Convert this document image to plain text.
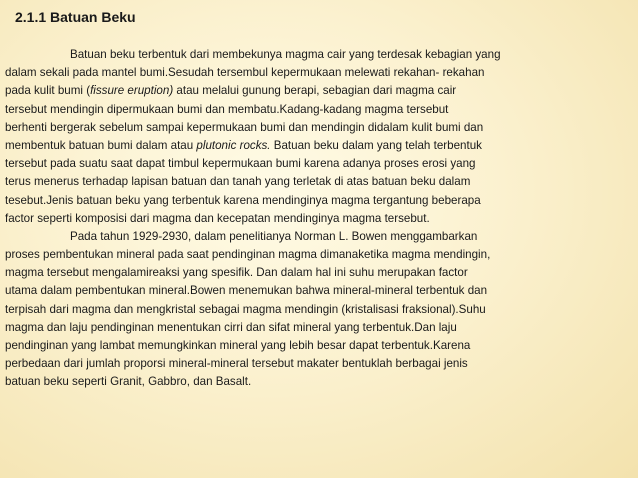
2.1.1 Batuan Beku
Batuan beku terbentuk dari membekunya magma cair yang terdesak kebagian yang
dalam sekali pada mantel bumi.Sesudah tersembul kepermukaan melewati rekahan- rekahan
pada kulit bumi (fissure eruption) atau melalui gunung berapi, sebagian dari magma cair
tersebut mendingin dipermukaan bumi dan membatu.Kadang-kadang magma tersebut
berhenti bergerak sebelum sampai kepermukaan bumi dan mendingin didalam kulit bumi dan
membentuk batuan bumi dalam atau plutonic rocks. Batuan beku dalam yang telah terbentuk
tersebut pada suatu saat dapat timbul kepermukaan bumi karena adanya proses erosi yang
terus menerus terhadap lapisan batuan dan tanah yang terletak di atas batuan beku dalam
tesebut.Jenis batuan beku yang terbentuk karena mendinginya magma tergantung beberapa
factor seperti komposisi dari magma dan kecepatan mendinginya magma tersebut.
Pada tahun 1929-2930, dalam penelitianya Norman L. Bowen menggambarkan
proses pembentukan mineral pada saat pendinginan magma dimanaketika magma mendingin,
magma tersebut mengalamireaksi yang spesifik. Dan dalam hal ini suhu merupakan factor
utama dalam pembentukan mineral.Bowen menemukan bahwa mineral-mineral terbentuk dan
terpisah dari magma dan mengkristal sebagai magma mendingin (kristalisasi fraksional).Suhu
magma dan laju pendinginan menentukan cirri dan sifat mineral yang terbentuk.Dan laju
pendinginan yang lambat memungkinkan mineral yang lebih besar dapat terbentuk.Karena
perbedaan dari jumlah proporsi mineral-mineral tersebut makater bentuklah berbagai jenis
batuan beku seperti Granit, Gabbro, dan Basalt.
